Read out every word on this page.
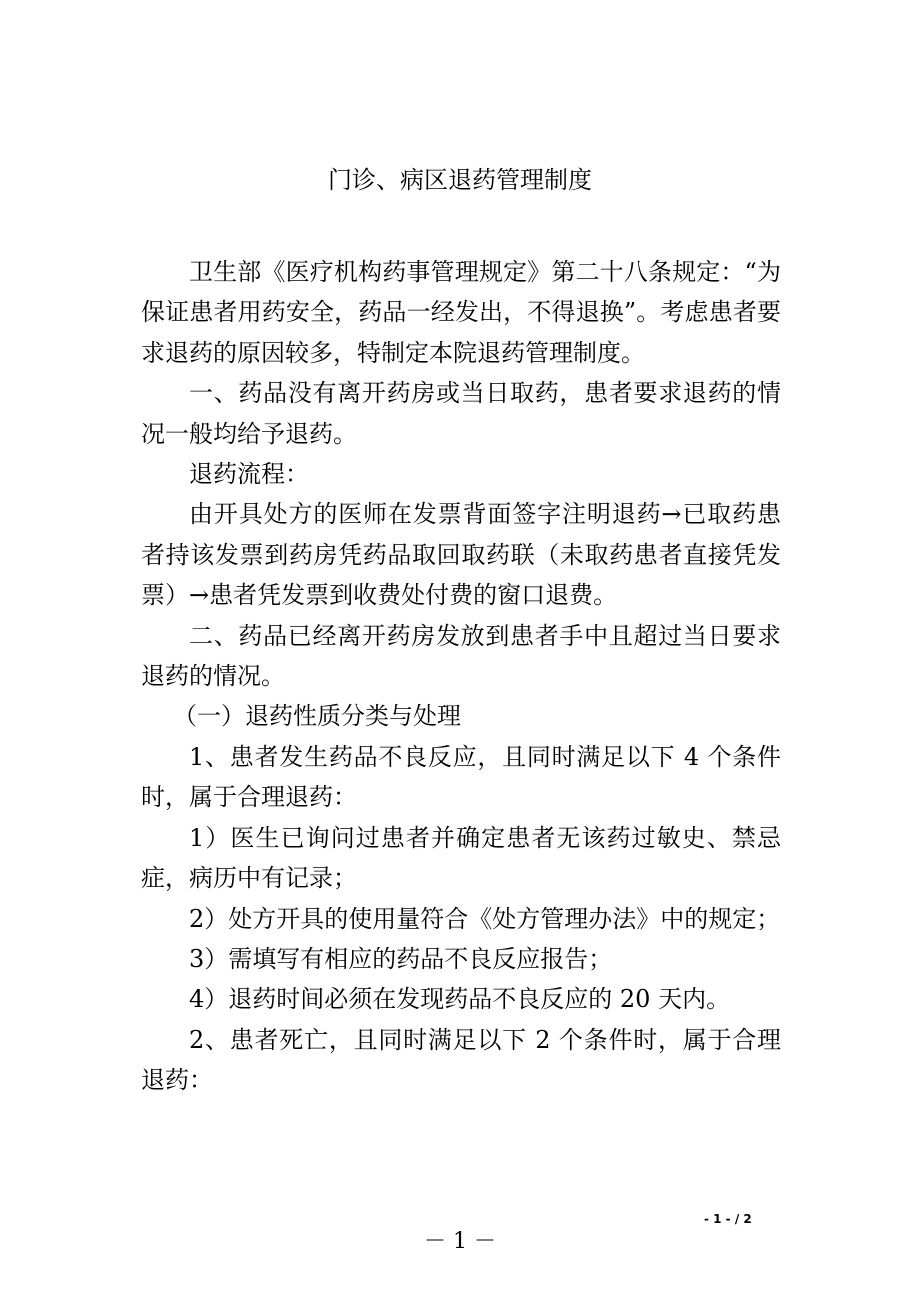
门诊、病区退药管理制度

卫生部《医疗机构药事管理规定》第二十八条规定：“为保证患者用药安全，药品一经发出，不得退换”。考虑患者要求退药的原因较多，特制定本院退药管理制度。

一、药品没有离开药房或当日取药，患者要求退药的情况一般均给予退药。

退药流程：

由开具处方的医师在发票背面签字注明退药→已取药患者持该发票到药房凭药品取回取药联（未取药患者直接凭发票）→患者凭发票到收费处付费的窗口退费。

二、药品已经离开药房发放到患者手中且超过当日要求退药的情况。

（一）退药性质分类与处理

1、患者发生药品不良反应，且同时满足以下 4 个条件时，属于合理退药：

1）医生已询问过患者并确定患者无该药过敏史、禁忌症，病历中有记录；

2）处方开具的使用量符合《处方管理办法》中的规定；

3）需填写有相应的药品不良反应报告；

4）退药时间必须在发现药品不良反应的 20 天内。

2、患者死亡，且同时满足以下 2 个条件时，属于合理退药：

- 1 - / 2
－ 1 －
